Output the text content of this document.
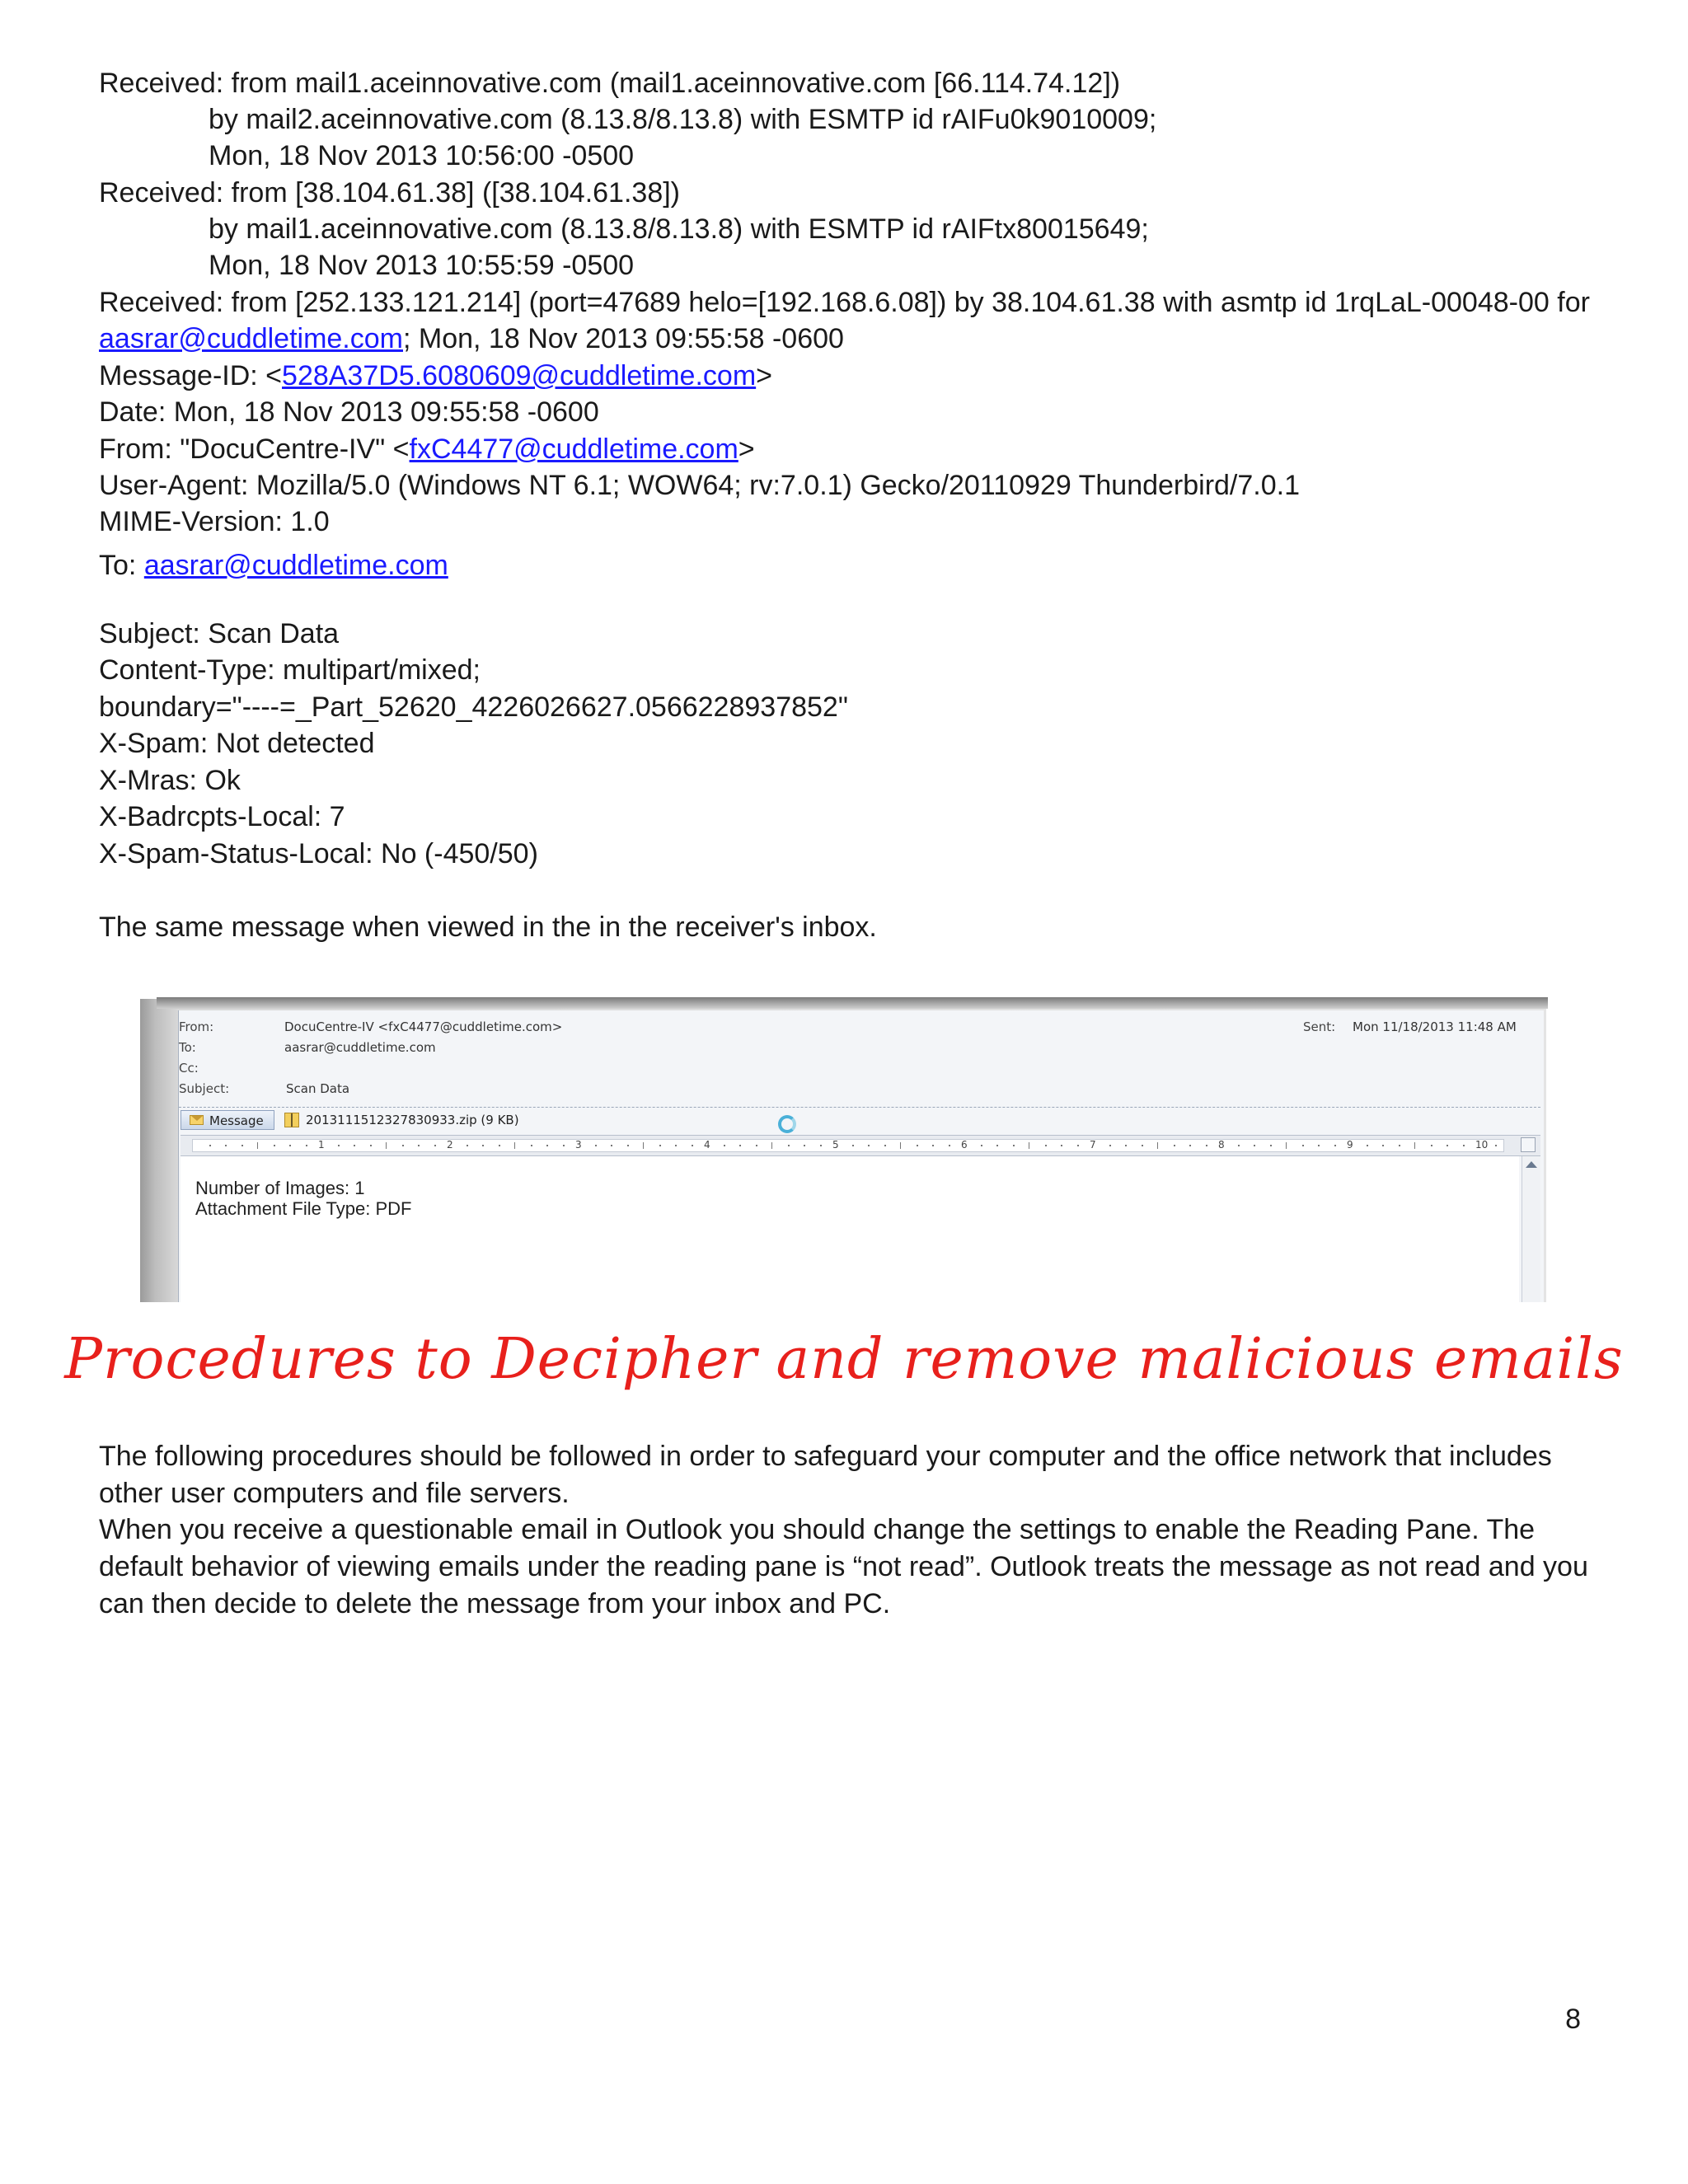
Received: from mail1.aceinnovative.com (mail1.aceinnovative.com [66.114.74.12])
by mail2.aceinnovative.com (8.13.8/8.13.8) with ESMTP id rAIFu0k9010009;
Mon, 18 Nov 2013 10:56:00 -0500
Received: from [38.104.61.38] ([38.104.61.38])
by mail1.aceinnovative.com (8.13.8/8.13.8) with ESMTP id rAIFtx80015649;
Mon, 18 Nov 2013 10:55:59 -0500
Received: from [252.133.121.214] (port=47689 helo=[192.168.6.08]) by 38.104.61.38 with asmtp id 1rqLaL-00048-00 for
aasrar@cuddletime.com; Mon, 18 Nov 2013 09:55:58 -0600
Message-ID: <528A37D5.6080609@cuddletime.com>
Date: Mon, 18 Nov 2013 09:55:58 -0600
From: "DocuCentre-IV" <fxC4477@cuddletime.com>
User-Agent: Mozilla/5.0 (Windows NT 6.1; WOW64; rv:7.0.1) Gecko/20110929 Thunderbird/7.0.1
MIME-Version: 1.0
To: aasrar@cuddletime.com
Subject: Scan Data
Content-Type: multipart/mixed;
boundary="----=_Part_52620_4226026627.0566228937852"
X-Spam: Not detected
X-Mras: Ok
X-Badrcpts-Local: 7
X-Spam-Status-Local: No (-450/50)
The same message when viewed in the in the receiver's inbox.
From:	DocuCentre-IV <fxC4477@cuddletime.com>	Sent: Mon 11/18/2013 11:48 AM
To:	aasrar@cuddletime.com
Cc:
Subject:	Scan Data
Message	2013111512327830933.zip (9 KB)
1	2	3	4	5	6	7	8	9	10
Number of Images: 1
Attachment File Type: PDF
Procedures to Decipher and remove malicious emails
The following procedures should be followed in order to safeguard your computer and the office network that includes other user computers and file servers.
When you receive a questionable email in Outlook you should change the settings to enable the Reading Pane. The default behavior of viewing emails under the reading pane is “not read”. Outlook treats the message as not read and you can then decide to delete the message from your inbox and PC.
8
